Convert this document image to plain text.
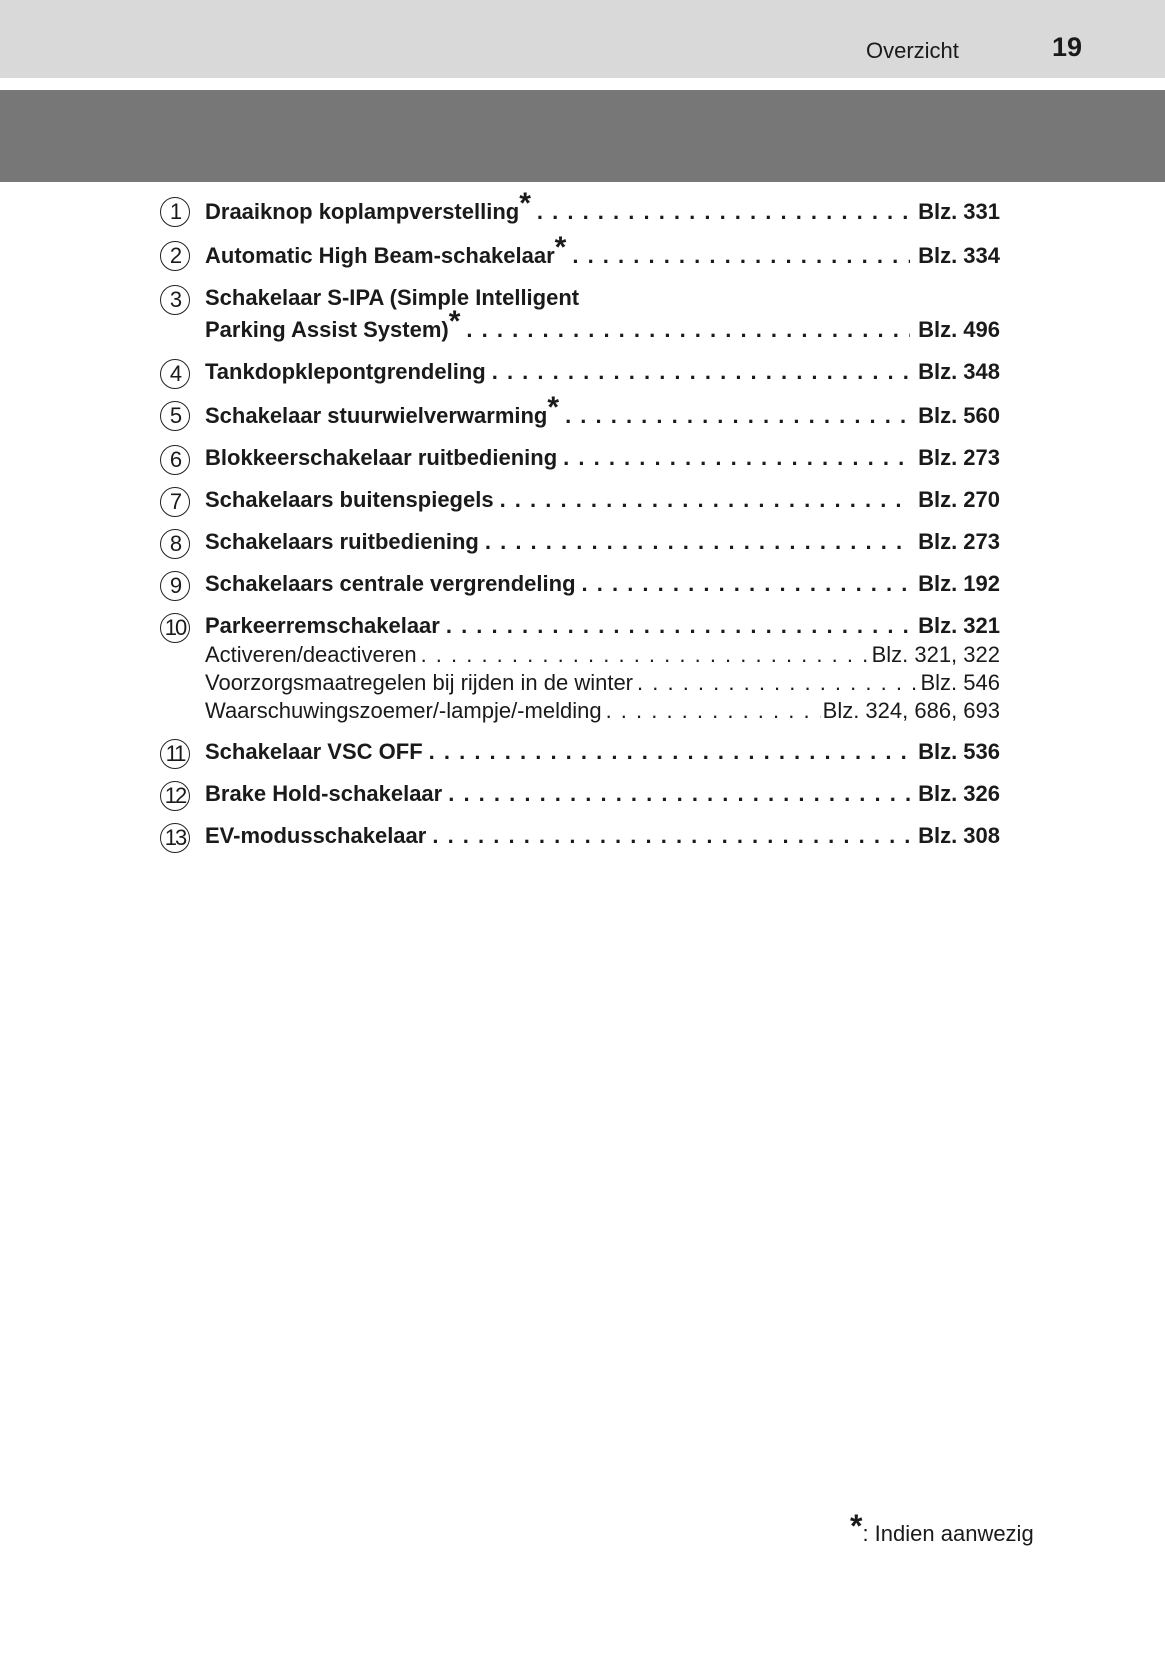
Overzicht	19
1	Draaiknop koplampverstelling * . . .	Blz. 331
2	Automatic High Beam-schakelaar * . . .	Blz. 334
3	Schakelaar S-IPA (Simple Intelligent
Parking Assist System) * . . .	Blz. 496
4	Tankdopklepontgrendeling . . .	Blz. 348
5	Schakelaar stuurwielverwarming * . . .	Blz. 560
6	Blokkeerschakelaar ruitbediening . . .	Blz. 273
7	Schakelaars buitenspiegels . . .	Blz. 270
8	Schakelaars ruitbediening . . .	Blz. 273
9	Schakelaars centrale vergrendeling . . .	Blz. 192
10 Parkeerremschakelaar . . .	Blz. 321
Activeren/deactiveren . . .	Blz. 321, 322
Voorzorgsmaatregelen bij rijden in de winter . . .	Blz. 546
Waarschuwingszoemer/-lampje/-melding . . .	Blz. 324, 686, 693
11 Schakelaar VSC OFF . . .	Blz. 536
12 Brake Hold-schakelaar . . .	Blz. 326
13 EV-modusschakelaar . . .	Blz. 308
*: Indien aanwezig
